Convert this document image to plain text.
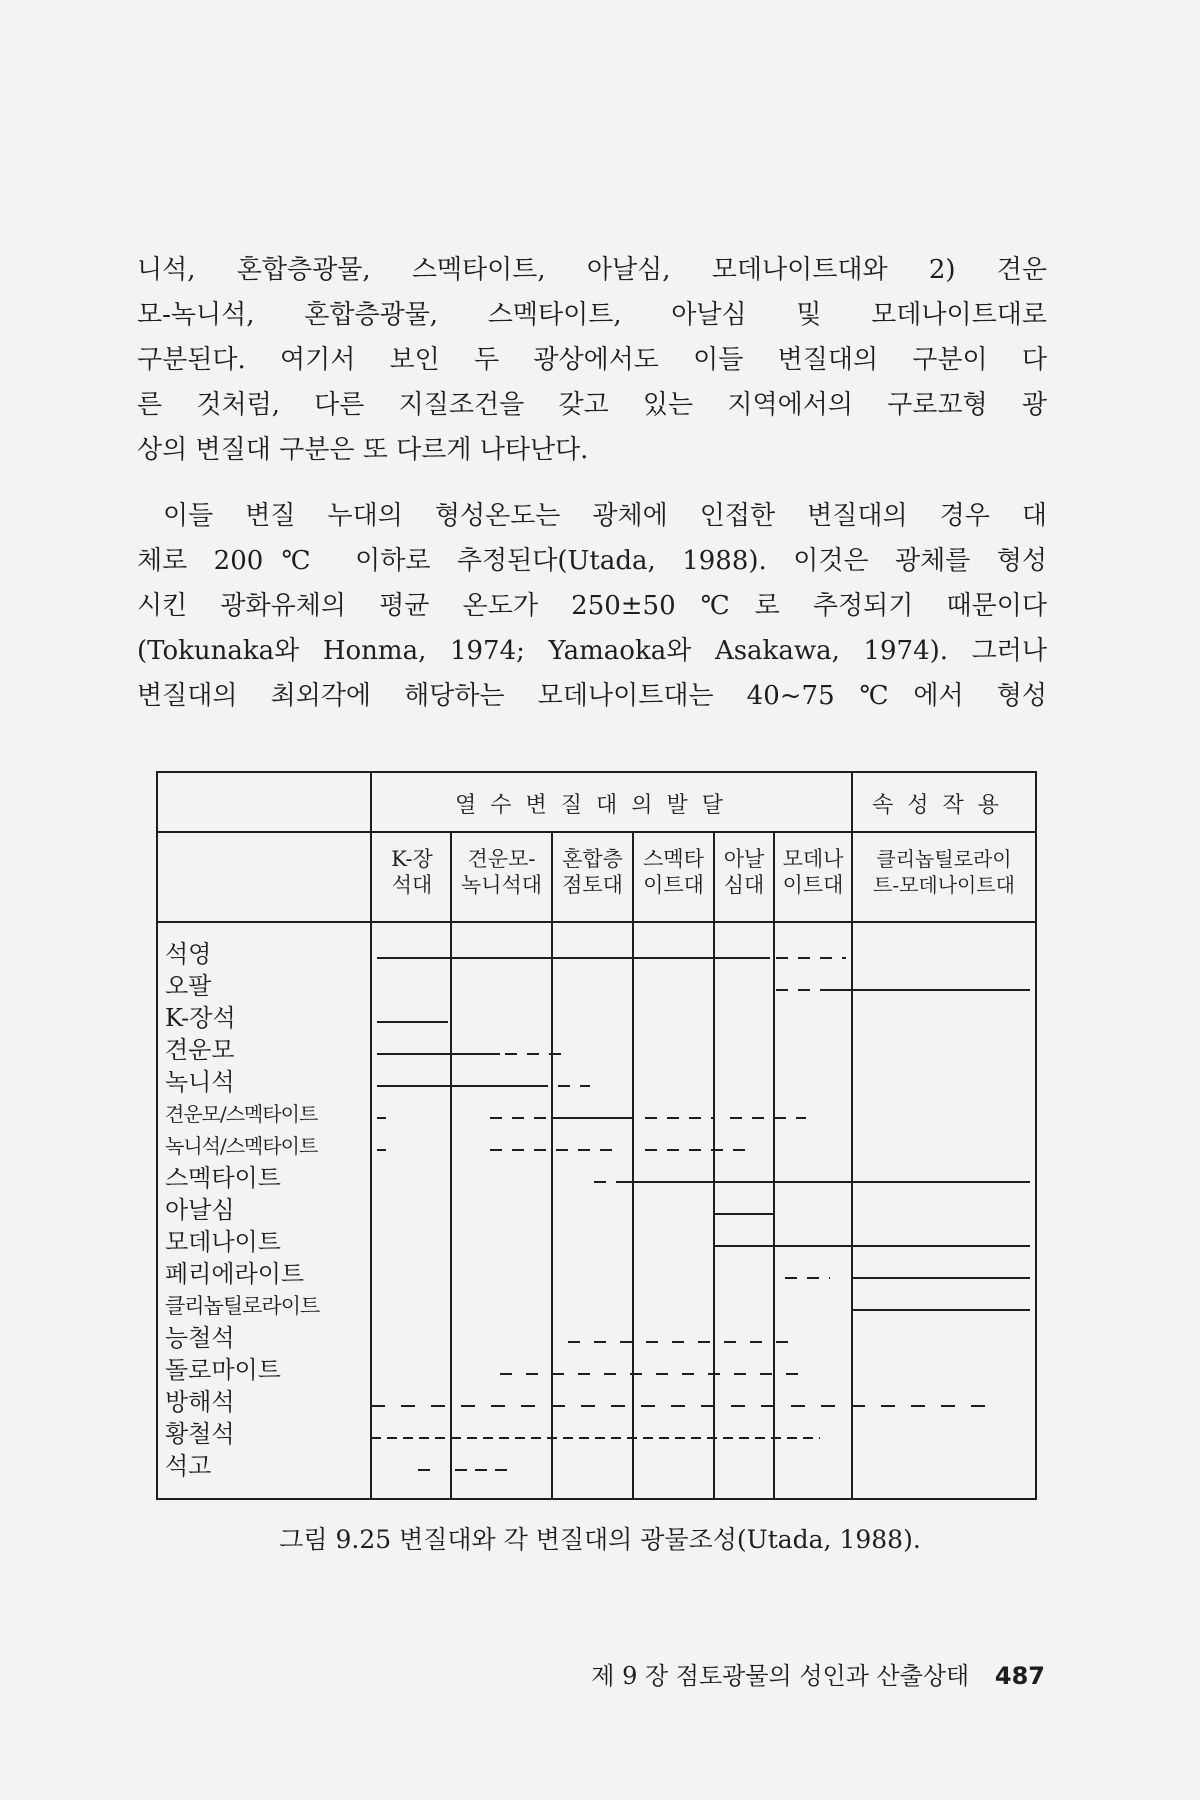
니석, 혼합층광물, 스멕타이트, 아날심, 모데나이트대와 2) 견운
모-녹니석, 혼합층광물, 스멕타이트, 아날심 및 모데나이트대로
구분된다. 여기서 보인 두 광상에서도 이들 변질대의 구분이 다
른 것처럼, 다른 지질조건을 갖고 있는 지역에서의 구로꼬형 광
상의 변질대 구분은 또 다르게 나타난다.

이들 변질 누대의 형성온도는 광체에 인접한 변질대의 경우 대
체로 200℃ 이하로 추정된다(Utada, 1988). 이것은 광체를 형성
시킨 광화유체의 평균 온도가 250±50℃로 추정되기 때문이다
(Tokunaka와 Honma, 1974; Yamaoka와 Asakawa, 1974). 그러나
변질대의 최외각에 해당하는 모데나이트대는 40~75℃에서 형성

열수변질대의발달	속성작용
K-장
석대
견운모-
녹니석대
혼합층
점토대
스멕타
이트대
아날
심대
모데나
이트대
클리놉틸로라이
트-모데나이트대
석영
오팔
K-장석
견운모
녹니석
견운모/스멕타이트
녹니석/스멕타이트
스멕타이트
아날심
모데나이트
페리에라이트
클리놉틸로라이트
능철석
돌로마이트
방해석
황철석
석고
그림 9.25 변질대와 각 변질대의 광물조성(Utada, 1988).
제 9 장 점토광물의 성인과 산출상태 487
